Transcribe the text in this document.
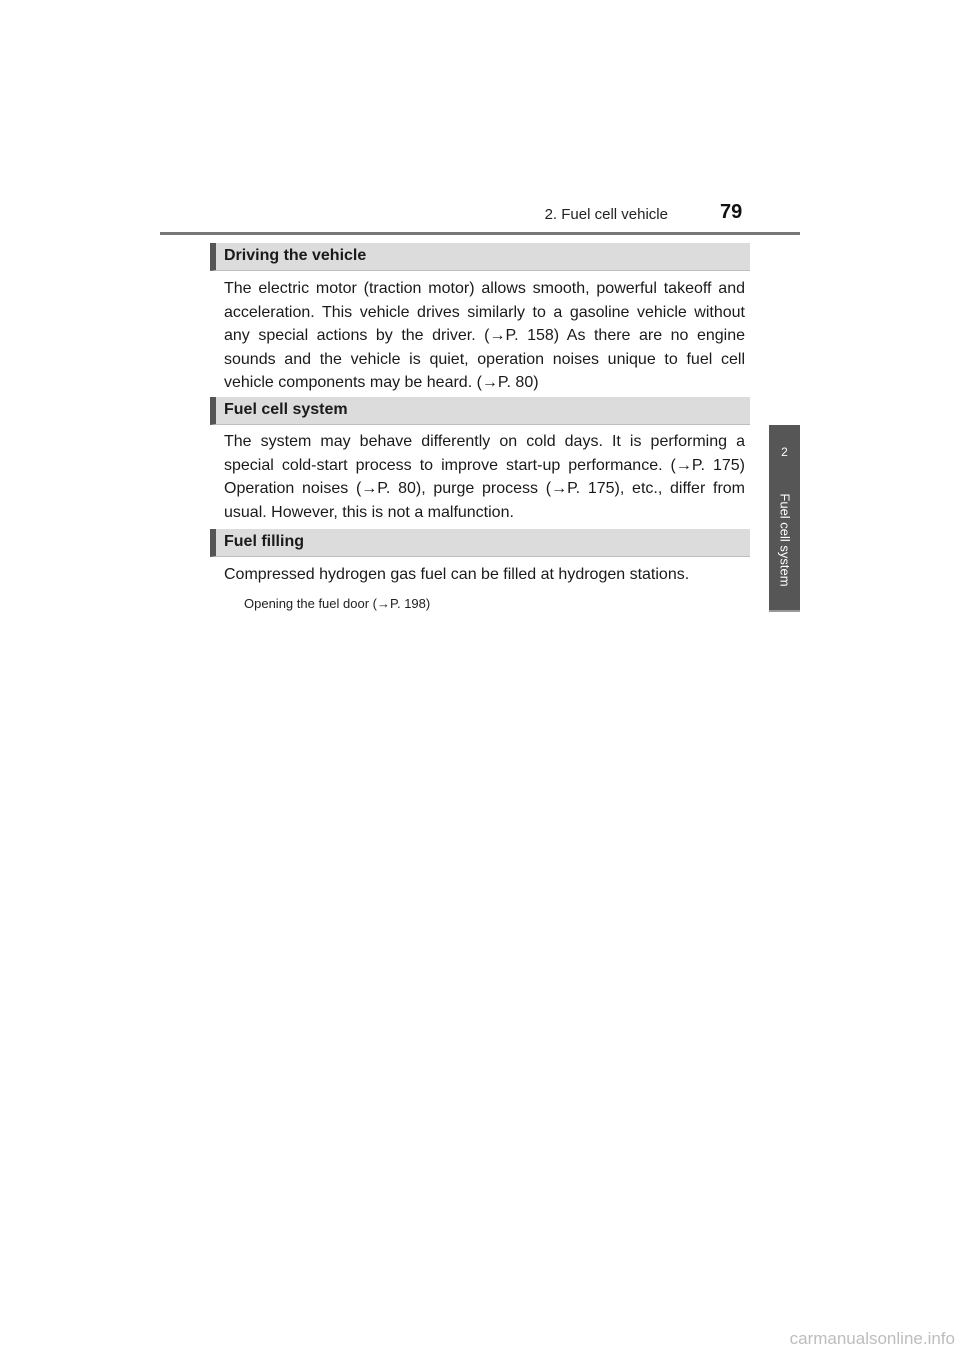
2. Fuel cell vehicle	79
2
Fuel cell system
Driving the vehicle

The electric motor (traction motor) allows smooth, powerful takeoff and acceleration. This vehicle drives similarly to a gasoline vehicle without any special actions by the driver. (→P. 158) As there are no engine sounds and the vehicle is quiet, operation noises unique to fuel cell vehicle components may be heard. (→P. 80)

Fuel cell system

The system may behave differently on cold days. It is performing a special cold-start process to improve start-up performance. (→P. 175) Operation noises (→P. 80), purge process (→P. 175), etc., differ from usual. However, this is not a malfunction.

Fuel filling

Compressed hydrogen gas fuel can be filled at hydrogen stations.

Opening the fuel door (→P. 198)

carmanualsonline.info
